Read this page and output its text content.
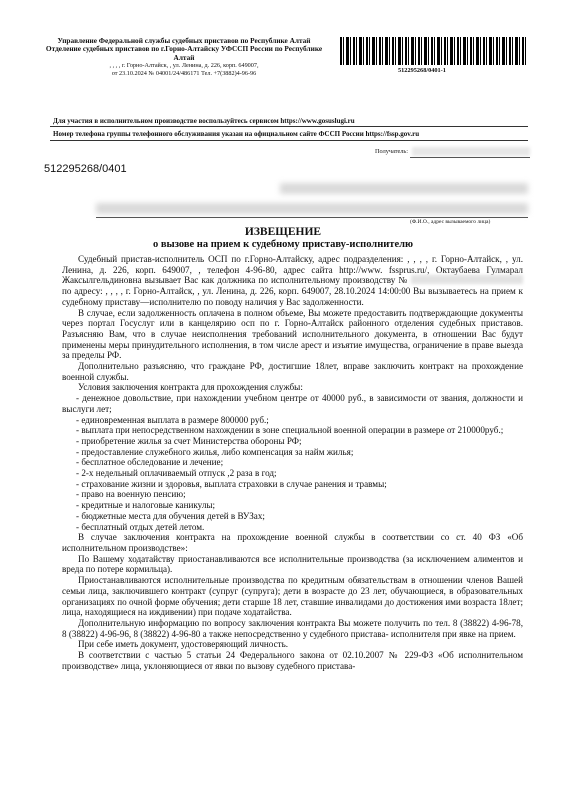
Управление Федеральной службы судебных приставов по Республике Алтай
Отделение судебных приставов по г.Горно-Алтайску УФССП России по Республике Алтай
, , , , г. Горно-Алтайск, , ул. Ленина, д. 226, корп. 649007,
от 23.10.2024 № 04001/24/486171 Тел. +7(3882)4-96-96	512295268/0401-1
Для участия в исполнительном производстве воспользуйтесь сервисом https://www.gosuslugi.ru
Номер телефона группы телефонного обслуживания указан на официальном сайте ФССП России https://fssp.gov.ru
Получатель:
512295268/0401
(Ф.И.О., адрес вызываемого лица)
ИЗВЕЩЕНИЕ
о вызове на прием к судебному приставу-исполнителю

Судебный пристав-исполнитель ОСП по г.Горно-Алтайску, адрес подразделения: , , , , г. Горно-Алтайск, , ул. Ленина, д. 226, корп. 649007, , телефон 4-96-80, адрес сайта http://www. fssprus.ru/, Октаубаева Гулмарал Жаксылгельдиновна вызывает Вас как должника по исполнительному производству №  по адресу: , , , , г. Горно-Алтайск, , ул. Ленина, д. 226, корп. 649007, 28.10.2024 14:00:00 Вы вызываетесь на прием к судебному приставу—исполнителю по поводу наличия у Вас задолженности.

В случае, если задолженность оплачена в полном объеме, Вы можете предоставить подтверждающие документы через портал Госуслуг или в канцелярию осп по г. Горно-Алтайск районного отделения судебных приставов. Разъясняю Вам, что в случае неисполнения требований исполнительного документа, в отношении Вас будут применены меры принудительного исполнения, в том числе арест и изъятие имущества, ограничение в праве выезда за пределы РФ.

Дополнительно разъясняю, что граждане РФ, достигшие 18лет, вправе заключить контракт на прохождение военной службы.

Условия заключения контракта для прохождения службы:

- денежное довольствие, при нахождении учебном центре от 40000 руб., в зависимости от звания, должности и выслуги лет;

- единовременная выплата в размере 800000 руб.;

- выплата при непосредственном нахождении в зоне специальной военной операции в размере от 210000руб.;

- приобретение жилья за счет Министерства обороны РФ;

- предоставление служебного жилья, либо компенсация за найм жилья;

- бесплатное обследование и лечение;

- 2-х недельный оплачиваемый отпуск ,2 раза в год;

- страхование жизни и здоровья, выплата страховки в случае ранения и травмы;

- право на военную пенсию;

- кредитные и налоговые каникулы;

- бюджетные места для обучения детей в ВУЗах;

- бесплатный отдых детей летом.

В случае заключения контракта на прохождение военной службы в соответствии со ст. 40 ФЗ «Об исполнительном производстве»:

По Вашему ходатайству приостанавливаются все исполнительные производства (за исключением алиментов и вреда по потере кормильца).

Приостанавливаются исполнительные производства по кредитным обязательствам в отношении членов Вашей семьи лица, заключившего контракт (супруг (супруга); дети в возрасте до 23 лет, обучающиеся, в образовательных организациях по очной форме обучения; дети старше 18 лет, ставшие инвалидами до достижения ими возраста 18лет; лица, находящиеся на иждивении) при подаче ходатайства.

Дополнительную информацию по вопросу заключения контракта Вы можете получить по тел. 8 (38822) 4-96-78, 8 (38822) 4-96-96, 8 (38822) 4-96-80 а также непосредственно у судебного пристава- исполнителя при явке на прием.

При себе иметь документ, удостоверяющий личность.

В соответствии с частью 5 статьи 24 Федерального закона от 02.10.2007 № 229-ФЗ «Об исполнительном производстве» лица, уклоняющиеся от явки по вызову судебного пристава-
